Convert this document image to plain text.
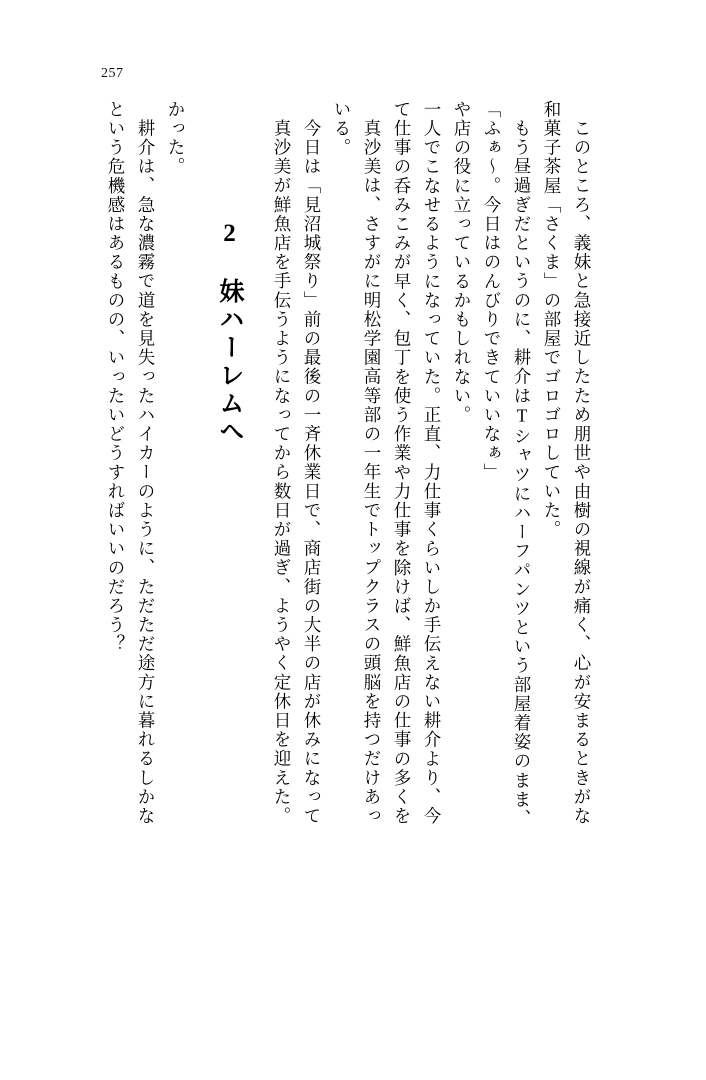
257
という危機感はあるものの、いったいどうすればいいのだろう？ 耕介は、急な濃霧で道を見失ったハイカーのように、ただただ途方に暮れるしかな かった。
2　妹ハーレムへ	真沙美が鮮魚店を手伝うようになってから数日が過ぎ、ようやく定休日を迎えた。 今日は「見沼城祭り」前の最後の一斉休業日で、商店街の大半の店が休みになって いる。 真沙美は、さすがに明松学園高等部の一年生でトップクラスの頭脳を持つだけあっ て仕事の呑みこみが早く、包丁を使う作業や力仕事を除けば、鮮魚店の仕事の多くを 一人でこなせるようになっていた。正直、力仕事くらいしか手伝えない耕介より、今 や店の役に立っているかもしれない。 「ふぁ～。今日はのんびりできていいなぁ」 もう昼過ぎだというのに、耕介はTシャツにハーフパンツという部屋着姿のまま、 和菓子茶屋「さくま」の部屋でゴロゴロしていた。 このところ、義妹と急接近したため朋世や由樹の視線が痛く、心が安まるときがな
